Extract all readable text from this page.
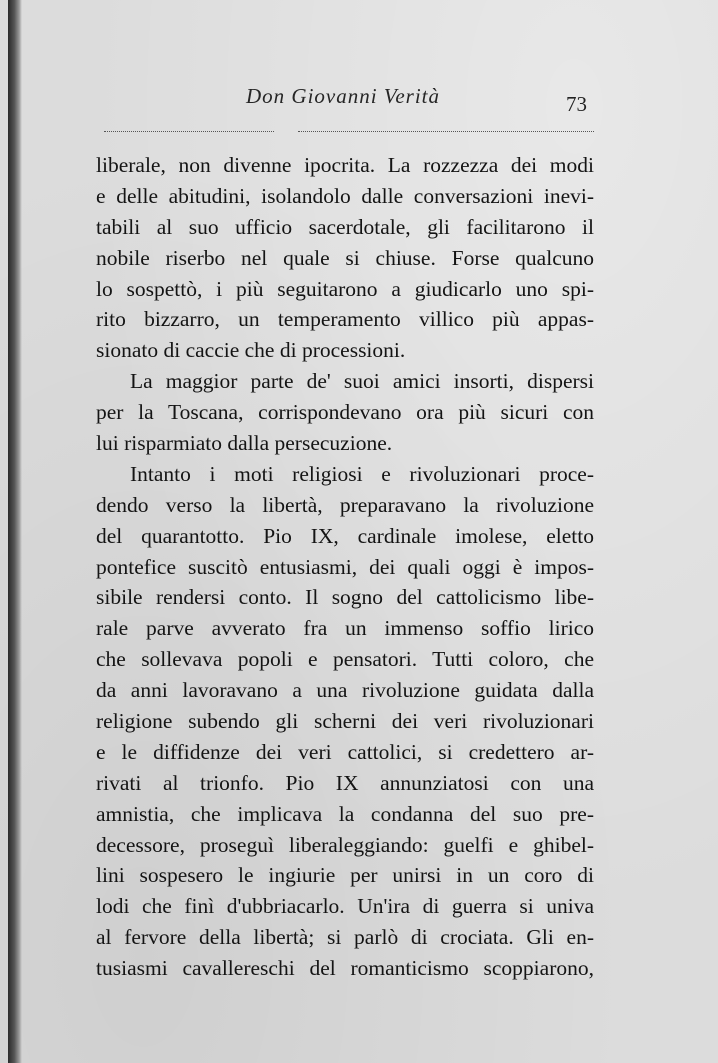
Don Giovanni Verità	73
liberale, non divenne ipocrita. La rozzezza dei modi
e delle abitudini, isolandolo dalle conversazioni inevi-
tabili al suo ufficio sacerdotale, gli facilitarono il
nobile riserbo nel quale si chiuse. Forse qualcuno
lo sospettò, i più seguitarono a giudicarlo uno spi-
rito bizzarro, un temperamento villico più appas-
sionato di caccie che di processioni.
La maggior parte de' suoi amici insorti, dispersi
per la Toscana, corrispondevano ora più sicuri con
lui risparmiato dalla persecuzione.
Intanto i moti religiosi e rivoluzionari proce-
dendo verso la libertà, preparavano la rivoluzione
del quarantotto. Pio IX, cardinale imolese, eletto
pontefice suscitò entusiasmi, dei quali oggi è impos-
sibile rendersi conto. Il sogno del cattolicismo libe-
rale parve avverato fra un immenso soffio lirico
che sollevava popoli e pensatori. Tutti coloro, che
da anni lavoravano a una rivoluzione guidata dalla
religione subendo gli scherni dei veri rivoluzionari
e le diffidenze dei veri cattolici, si credettero ar-
rivati al trionfo. Pio IX annunziatosi con una
amnistia, che implicava la condanna del suo pre-
decessore, proseguì liberaleggiando: guelfi e ghibel-
lini sospesero le ingiurie per unirsi in un coro di
lodi che finì d'ubbriacarlo. Un'ira di guerra si univa
al fervore della libertà; si parlò di crociata. Gli en-
tusiasmi cavallereschi del romanticismo scoppiarono,
